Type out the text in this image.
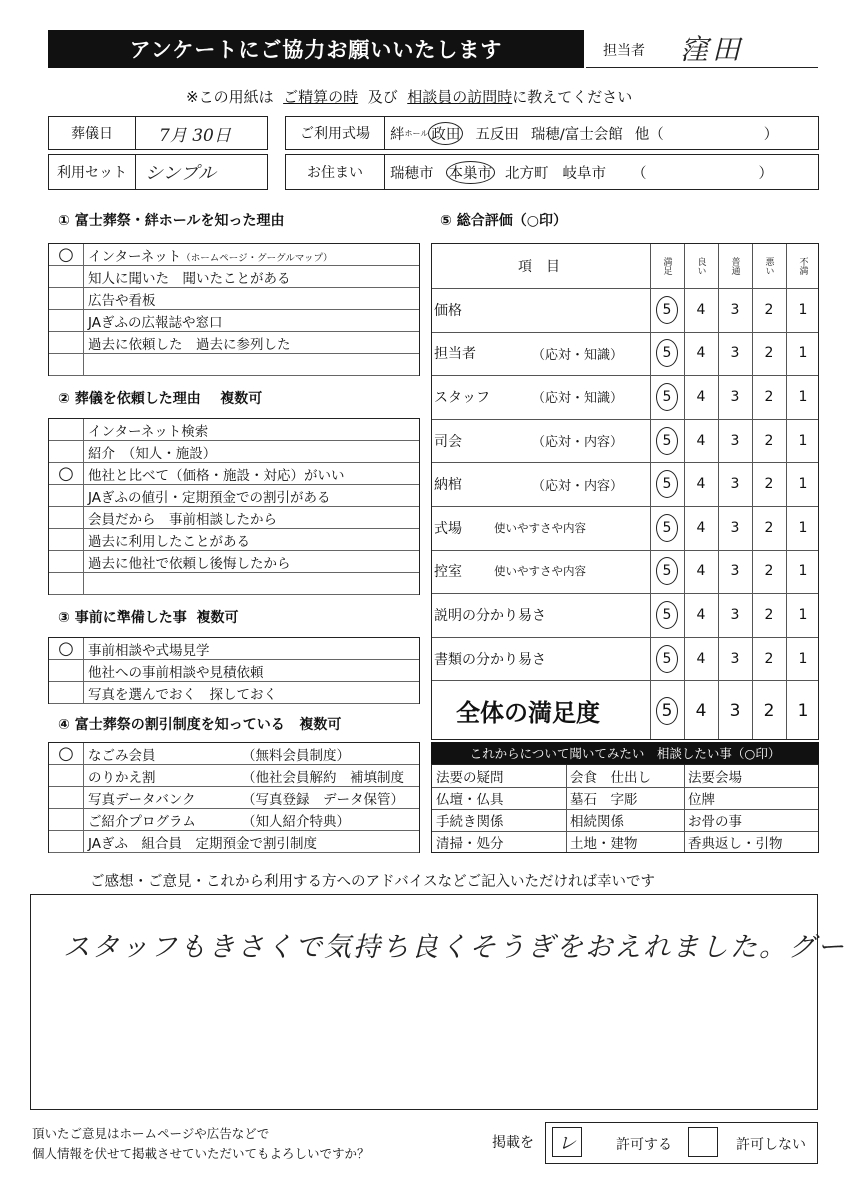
アンケートにご協力お願いいたします	担当者 窪田
※この用紙は ご精算の時 及び 相談員の訪問時に教えてください
葬儀日	7月 30日
利用セット	シンプル
ご利用式場	絆 ホール 政田 五反田 瑞穂/富士会館 他（	）
お住まい	瑞穂市 本巣市 北方町 岐阜市 （	）
① 富士葬祭・絆ホールを知った理由
○	インターネット（ホームページ・グーグルマップ）
知人に聞いた　聞いたことがある
広告や看板
JAぎふの広報誌や窓口
過去に依頼した　過去に参列した
② 葬儀を依頼した理由 複数可
インターネット検索
紹介　（知人・施設）
○	他社と比べて（価格・施設・対応）がいい
JAぎふの値引・定期預金での割引がある
会員だから　事前相談したから
過去に利用したことがある
過去に他社で依頼し後悔したから
③ 事前に準備した事 複数可
○	事前相談や式場見学
他社への事前相談や見積依頼
写真を選んでおく　探しておく
④ 富士葬祭の割引制度を知っている 複数可
○	なごみ会員	（無料会員制度）
のりかえ割	（他社会員解約　補填制度
写真データバンク	（写真登録　データ保管）
ご紹介プログラム	（知人紹介特典）
JAぎふ　組合員　定期預金で割引制度
⑤ 総合評価（○印）
項　目	満足	良い	普通	悪い	不満
価格	5	4	3	2	1
担当者	（応対・知識）	5	4	3	2	1
スタッフ	（応対・知識）	5	4	3	2	1
司会	（応対・内容）	5	4	3	2	1
納棺	（応対・内容）	5	4	3	2	1
式場	使いやすさや内容	5	4	3	2	1
控室	使いやすさや内容	5	4	3	2	1
説明の分かり易さ	5	4	3	2	1
書類の分かり易さ	5	4	3	2	1
全体の満足度	5	4	3	2	1
これからについて聞いてみたい　相談したい事（○印）
法要の疑問	会食　仕出し	法要会場
仏壇・仏具	墓石　字彫	位牌
手続き関係	相続関係	お骨の事
清掃・処分	土地・建物	香典返し・引物
ご感想・ご意見・これから利用する方へのアドバイスなどご記入いただければ幸いです
スタッフもきさくで気持ち良くそうぎをおえれました。グー
頂いたご意見はホームページや広告などで
個人情報を伏せて掲載させていただいてもよろしいですか？
掲載を	レ	許可する	許可しない
